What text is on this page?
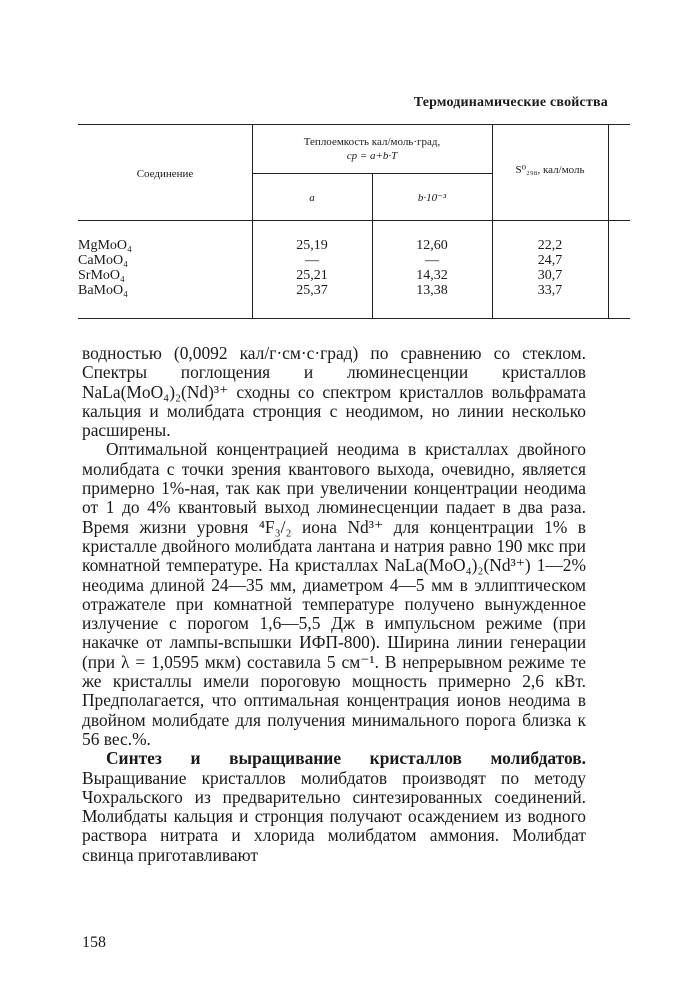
Термодинамические свойства
Соединение
Теплоемкость кал/моль·град,
cp = a+b·T
a	b·10⁻³
S⁰₂₉₈, кал/моль
MgMoO₄	25,19	12,60	22,2
CaMoO₄	—	—	24,7
SrMoO₄	25,21	14,32	30,7
BaMoO₄	25,37	13,38	33,7

водностью (0,0092 кал/г·см·с·град) по сравнению со стеклом. Спектры поглощения и люминесценции кристаллов NaLa(MoO₄)₂(Nd)³⁺ сходны со спектром кристаллов вольфрамата кальция и молибдата стронция с неодимом, но линии несколько расширены.

Оптимальной концентрацией неодима в кристаллах двойного молибдата с точки зрения квантового выхода, очевидно, является примерно 1%-ная, так как при увеличении концентрации неодима от 1 до 4% квантовый выход люминесценции падает в два раза. Время жизни уровня ⁴F₃/₂ иона Nd³⁺ для концентрации 1% в кристалле двойного молибдата лантана и натрия равно 190 мкс при комнатной температуре. На кристаллах NaLa(MoO₄)₂(Nd³⁺) 1—2% неодима длиной 24—35 мм, диаметром 4—5 мм в эллиптическом отражателе при комнатной температуре получено вынужденное излучение с порогом 1,6—5,5 Дж в импульсном режиме (при накачке от лампы-вспышки ИФП-800). Ширина линии генерации (при λ = 1,0595 мкм) составила 5 см⁻¹. В непрерывном режиме те же кристаллы имели пороговую мощность примерно 2,6 кВт. Предполагается, что оптимальная концентрация ионов неодима в двойном молибдате для получения минимального порога близка к 56 вес.%.

Синтез и выращивание кристаллов молибдатов. Выращивание кристаллов молибдатов производят по методу Чохральского из предварительно синтезированных соединений. Молибдаты кальция и стронция получают осаждением из водного раствора нитрата и хлорида молибдатом аммония. Молибдат свинца приготавливают

158
